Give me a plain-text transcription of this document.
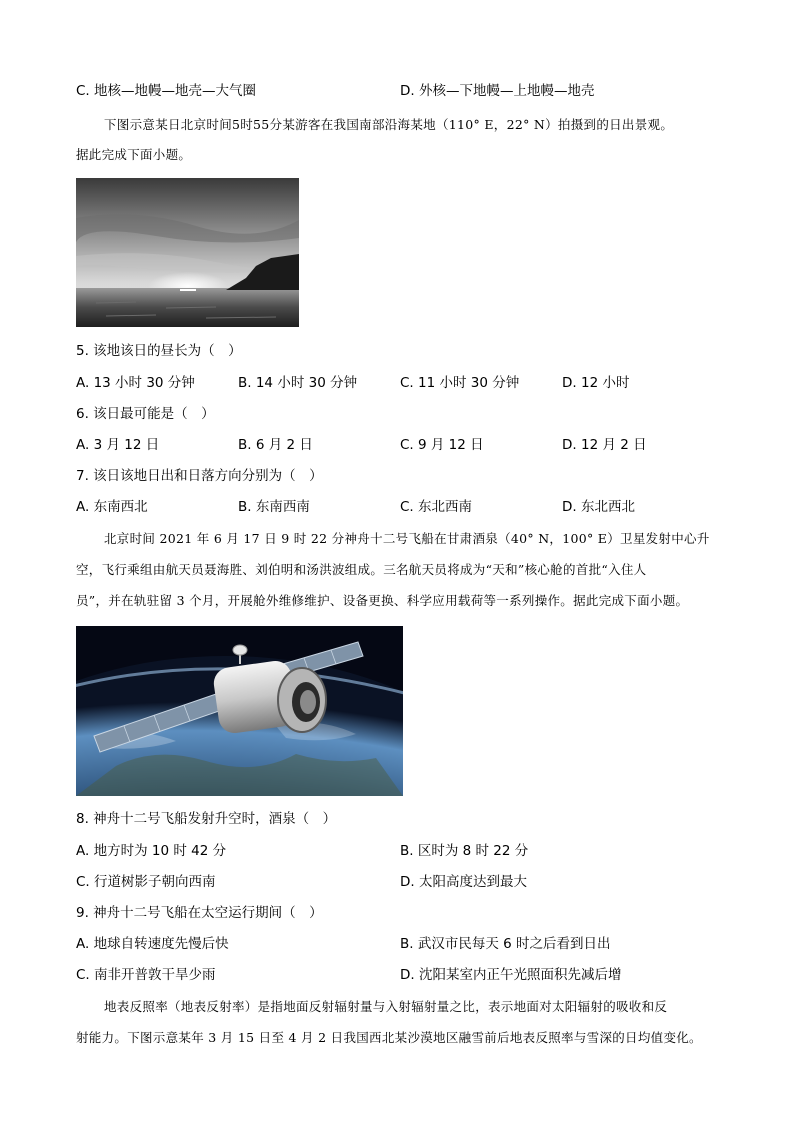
C. 地核—地幔—地壳—大气圈	D. 外核—下地幔—上地幔—地壳
下图示意某日北京时间5时55分某游客在我国南部沿海某地（110° E，22° N）拍摄到的日出景观。
据此完成下面小题。
5. 该地该日的昼长为（　）
A. 13 小时 30 分钟	B. 14 小时 30 分钟	C. 11 小时 30 分钟	D. 12 小时
6. 该日最可能是（　）
A. 3 月 12 日	B. 6 月 2 日	C. 9 月 12 日	D. 12 月 2 日
7. 该日该地日出和日落方向分别为（　）
A. 东南西北	B. 东南西南	C. 东北西南	D. 东北西北
北京时间 2021 年 6 月 17 日 9 时 22 分神舟十二号飞船在甘肃酒泉（40° N，100° E）卫星发射中心升
空，飞行乘组由航天员聂海胜、刘伯明和汤洪波组成。三名航天员将成为“天和”核心舱的首批“入住人
员”，并在轨驻留 3 个月，开展舱外维修维护、设备更换、科学应用载荷等一系列操作。据此完成下面小题。
8. 神舟十二号飞船发射升空时，酒泉（　）
A. 地方时为 10 时 42 分	B. 区时为 8 时 22 分
C. 行道树影子朝向西南	D. 太阳高度达到最大
9. 神舟十二号飞船在太空运行期间（　）
A. 地球自转速度先慢后快	B. 武汉市民每天 6 时之后看到日出
C. 南非开普敦干旱少雨	D. 沈阳某室内正午光照面积先减后增
地表反照率（地表反射率）是指地面反射辐射量与入射辐射量之比，表示地面对太阳辐射的吸收和反
射能力。下图示意某年 3 月 15 日至 4 月 2 日我国西北某沙漠地区融雪前后地表反照率与雪深的日均值变化。
